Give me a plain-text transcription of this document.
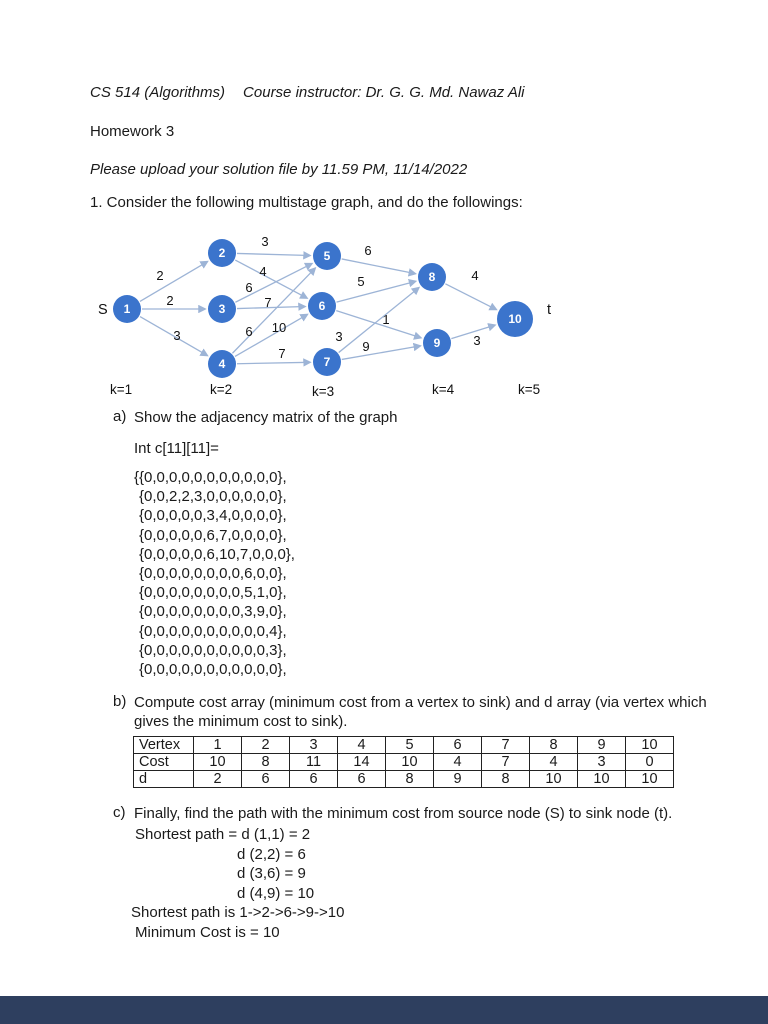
CS 514 (Algorithms) Course instructor: Dr. G. G. Md. Nawaz Ali

Homework 3

Please upload your solution file by 11.59 PM, 11/14/2022

1. Consider the following multistage graph, and do the followings:

S	t
k=1	k=2	k=3	k=4	k=5
2
2
3
3
4
6
7
6 10
7
6
5
1
3
9
4
3
1
2
3
4
5
6
7
8
9
10
a) Show the adjacency matrix of the graph
Int c[11][11]=
{{0,0,0,0,0,0,0,0,0,0,0},
{0,0,2,2,3,0,0,0,0,0,0},
{0,0,0,0,0,3,4,0,0,0,0},
{0,0,0,0,0,6,7,0,0,0,0},
{0,0,0,0,0,6,10,7,0,0,0},
{0,0,0,0,0,0,0,0,6,0,0},
{0,0,0,0,0,0,0,0,5,1,0},
{0,0,0,0,0,0,0,0,3,9,0},
{0,0,0,0,0,0,0,0,0,0,4},
{0,0,0,0,0,0,0,0,0,0,3},
{0,0,0,0,0,0,0,0,0,0,0},
b) Compute cost array (minimum cost from a vertex to sink) and d array (via vertex which gives the minimum cost to sink).
Vertex	1	2	3	4	5	6	7	8	9	10
Cost	10	8	11	14	10	4	7	4	3	0
d	2	6	6	6	8	9	8	10	10	10
c) Finally, find the path with the minimum cost from source node (S) to sink node (t).
Shortest path = d (1,1) = 2
d (2,2) = 6
d (3,6) = 9
d (4,9) = 10
Shortest path is 1->2->6->9->10
Minimum Cost is = 10
